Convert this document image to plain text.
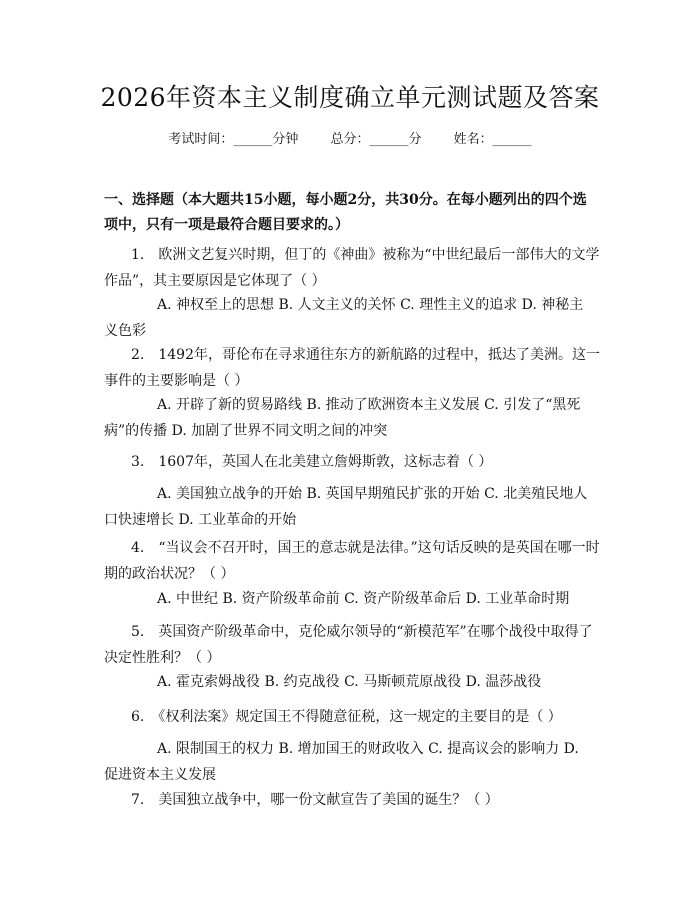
2026年资本主义制度确立单元测试题及答案
考试时间：______分钟 总分：______分 姓名：______
一、选择题（本大题共15小题，每小题2分，共30分。在每小题列出的四个选项中，只有一项是最符合题目要求的。）
1.　欧洲文艺复兴时期，但丁的《神曲》被称为“中世纪最后一部伟大的文学作品”，其主要原因是它体现了（ ）
A. 神权至上的思想 B. 人文主义的关怀 C. 理性主义的追求 D. 神秘主义色彩
2.　1492年，哥伦布在寻求通往东方的新航路的过程中，抵达了美洲。这一事件的主要影响是（ ）
A. 开辟了新的贸易路线 B. 推动了欧洲资本主义发展 C. 引发了“黑死病”的传播 D. 加剧了世界不同文明之间的冲突
3.　1607年，英国人在北美建立詹姆斯敦，这标志着（ ）
A. 美国独立战争的开始 B. 英国早期殖民扩张的开始 C. 北美殖民地人口快速增长 D. 工业革命的开始
4.　“当议会不召开时，国王的意志就是法律。”这句话反映的是英国在哪一时期的政治状况？（ ）
A. 中世纪 B. 资产阶级革命前 C. 资产阶级革命后 D. 工业革命时期
5.　英国资产阶级革命中，克伦威尔领导的“新模范军”在哪个战役中取得了决定性胜利？（ ）
A. 霍克索姆战役 B. 约克战役 C. 马斯顿荒原战役 D. 温莎战役
6.　《权利法案》规定国王不得随意征税，这一规定的主要目的是（ ）
A. 限制国王的权力 B. 增加国王的财政收入 C. 提高议会的影响力 D. 促进资本主义发展
7.　美国独立战争中，哪一份文献宣告了美国的诞生？（ ）
